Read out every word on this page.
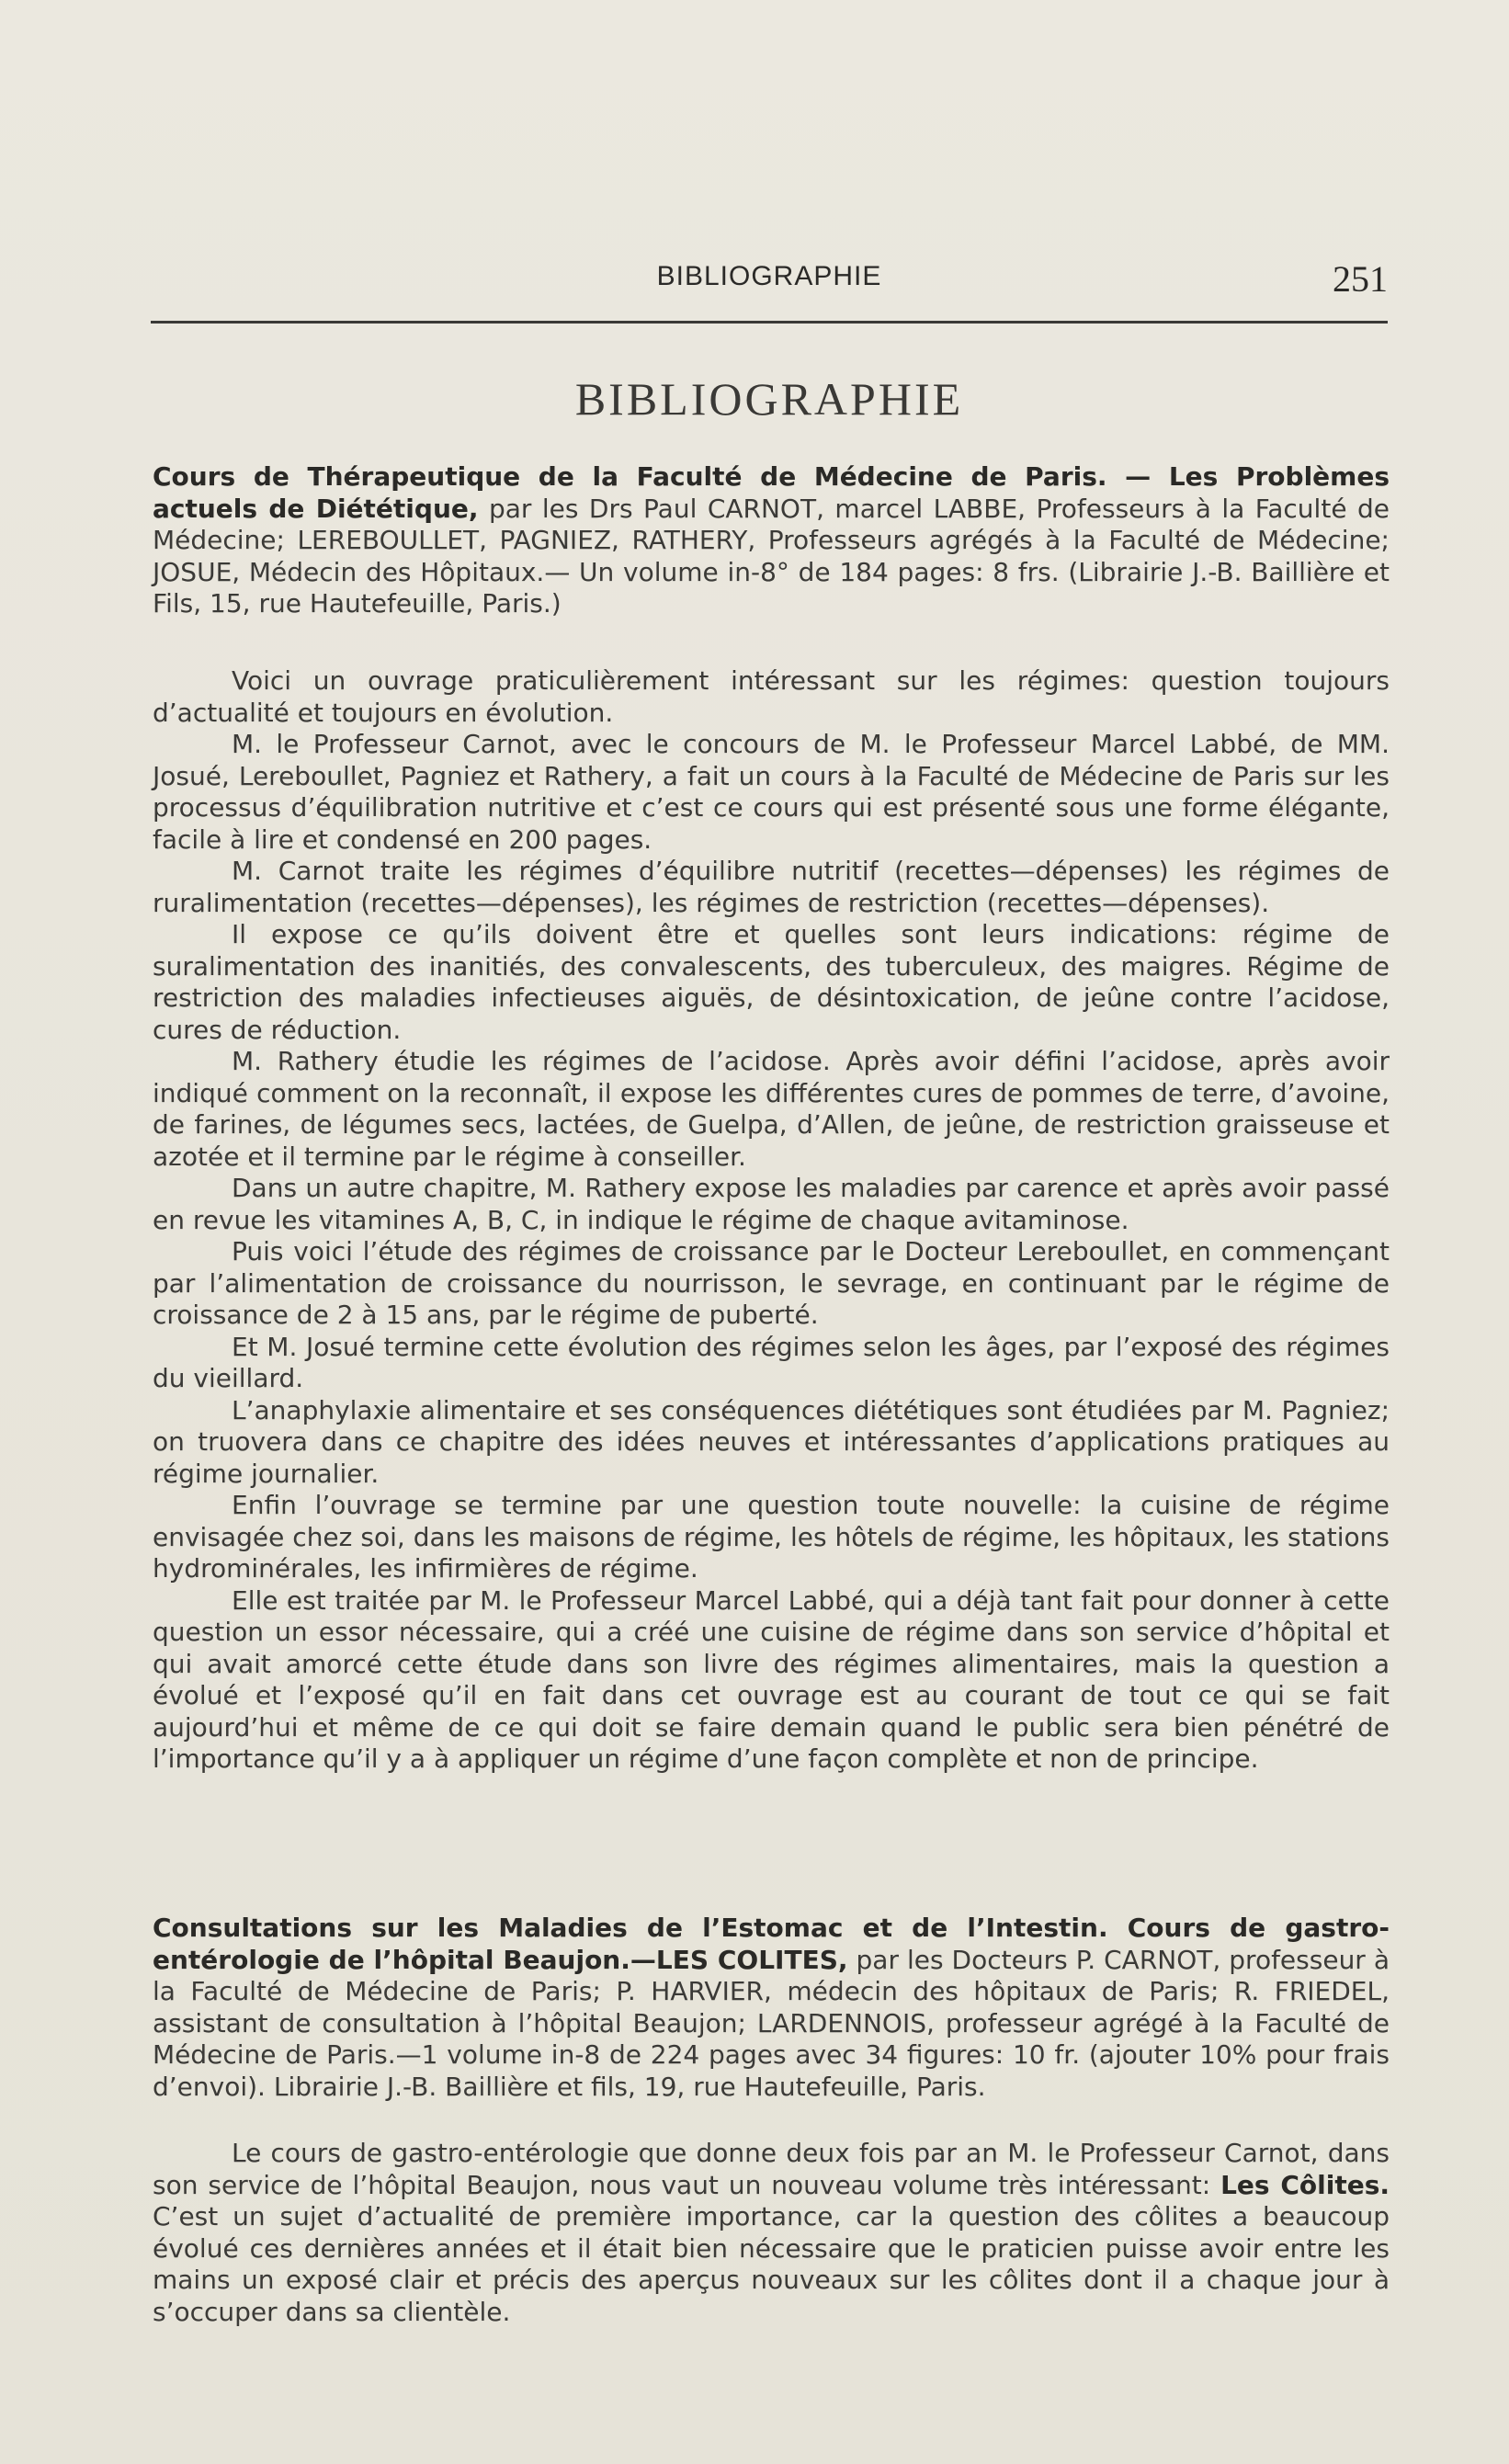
BIBLIOGRAPHIE	251
BIBLIOGRAPHIE

Cours de Thérapeutique de la Faculté de Médecine de Paris. — Les Problèmes actuels de Diététique, par les Drs Paul CARNOT, marcel LABBE, Professeurs à la Faculté de Médecine; LEREBOULLET, PAGNIEZ, RATHERY, Professeurs agrégés à la Faculté de Médecine; JOSUE, Médecin des Hôpitaux.— Un volume in-8° de 184 pages: 8 frs. (Librairie J.-B. Baillière et Fils, 15, rue Hautefeuille, Paris.)

Voici un ouvrage praticulièrement intéressant sur les régimes: question toujours d’actualité et toujours en évolution.

M. le Professeur Carnot, avec le concours de M. le Professeur Marcel Labbé, de MM. Josué, Lereboullet, Pagniez et Rathery, a fait un cours à la Faculté de Médecine de Paris sur les processus d’équilibration nutritive et c’est ce cours qui est présenté sous une forme élégante, facile à lire et condensé en 200 pages.

M. Carnot traite les régimes d’équilibre nutritif (recettes—dépenses) les régimes de ruralimentation (recettes—dépenses), les régimes de restriction (recettes—dépenses).

Il expose ce qu’ils doivent être et quelles sont leurs indications: régime de suralimentation des inanitiés, des convalescents, des tuberculeux, des maigres. Régime de restriction des maladies infectieuses aiguës, de désintoxication, de jeûne contre l’acidose, cures de réduction.

M. Rathery étudie les régimes de l’acidose. Après avoir défini l’acidose, après avoir indiqué comment on la reconnaît, il expose les différentes cures de pommes de terre, d’avoine, de farines, de légumes secs, lactées, de Guelpa, d’Allen, de jeûne, de restriction graisseuse et azotée et il termine par le régime à conseiller.

Dans un autre chapitre, M. Rathery expose les maladies par carence et après avoir passé en revue les vitamines A, B, C, in indique le régime de chaque avitaminose.

Puis voici l’étude des régimes de croissance par le Docteur Lereboullet, en commençant par l’alimentation de croissance du nourrisson, le sevrage, en continuant par le régime de croissance de 2 à 15 ans, par le régime de puberté.

Et M. Josué termine cette évolution des régimes selon les âges, par l’exposé des régimes du vieillard.

L’anaphylaxie alimentaire et ses conséquences diététiques sont étudiées par M. Pagniez; on truovera dans ce chapitre des idées neuves et intéressantes d’applications pratiques au régime journalier.

Enfin l’ouvrage se termine par une question toute nouvelle: la cuisine de régime envisagée chez soi, dans les maisons de régime, les hôtels de régime, les hôpitaux, les stations hydrominérales, les infirmières de régime.

Elle est traitée par M. le Professeur Marcel Labbé, qui a déjà tant fait pour donner à cette question un essor nécessaire, qui a créé une cuisine de régime dans son service d’hôpital et qui avait amorcé cette étude dans son livre des régimes alimentaires, mais la question a évolué et l’exposé qu’il en fait dans cet ouvrage est au courant de tout ce qui se fait aujourd’hui et même de ce qui doit se faire demain quand le public sera bien pénétré de l’importance qu’il y a à appliquer un régime d’une façon complète et non de principe.

Consultations sur les Maladies de l’Estomac et de l’Intestin. Cours de gastro-entérologie de l’hôpital Beaujon.—LES COLITES, par les Docteurs P. CARNOT, professeur à la Faculté de Médecine de Paris; P. HARVIER, médecin des hôpitaux de Paris; R. FRIEDEL, assistant de consultation à l’hôpital Beaujon; LARDENNOIS, professeur agrégé à la Faculté de Médecine de Paris.—1 volume in-8 de 224 pages avec 34 figures: 10 fr. (ajouter 10% pour frais d’envoi). Librairie J.-B. Baillière et fils, 19, rue Hautefeuille, Paris.

Le cours de gastro-entérologie que donne deux fois par an M. le Professeur Carnot, dans son service de l’hôpital Beaujon, nous vaut un nouveau volume très intéressant: Les Côlites. C’est un sujet d’actualité de première importance, car la question des côlites a beaucoup évolué ces dernières années et il était bien nécessaire que le praticien puisse avoir entre les mains un exposé clair et précis des aperçus nouveaux sur les côlites dont il a chaque jour à s’occuper dans sa clientèle.
